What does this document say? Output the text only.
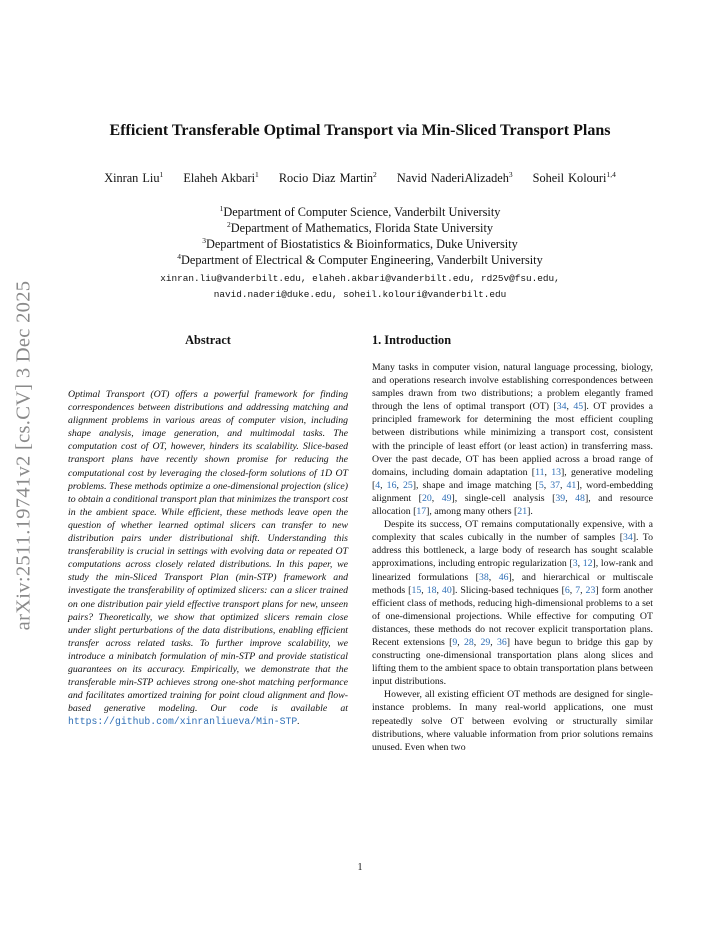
arXiv:2511.19741v2 [cs.CV] 3 Dec 2025
Efficient Transferable Optimal Transport via Min-Sliced Transport Plans
Xinran Liu$^1$ Elaheh Akbari$^1$ Rocio Diaz Martin$^2$ Navid NaderiAlizadeh$^3$ Soheil Kolouri$^{1,4}$
$^1$Department of Computer Science, Vanderbilt University
$^2$Department of Mathematics, Florida State University
$^3$Department of Biostatistics & Bioinformatics, Duke University
$^4$Department of Electrical & Computer Engineering, Vanderbilt University
xinran.liu@vanderbilt.edu, elaheh.akbari@vanderbilt.edu, rd25v@fsu.edu,
navid.naderi@duke.edu, soheil.kolouri@vanderbilt.edu
Abstract
Optimal Transport (OT) offers a powerful framework for finding correspondences between distributions and addressing matching and alignment problems in various areas of computer vision, including shape analysis, image generation, and multimodal tasks. The computation cost of OT, however, hinders its scalability. Slice-based transport plans have recently shown promise for reducing the computational cost by leveraging the closed-form solutions of 1D OT problems. These methods optimize a one-dimensional projection (slice) to obtain a conditional transport plan that minimizes the transport cost in the ambient space. While efficient, these methods leave open the question of whether learned optimal slicers can transfer to new distribution pairs under distributional shift. Understanding this transferability is crucial in settings with evolving data or repeated OT computations across closely related distributions. In this paper, we study the min-Sliced Transport Plan (min-STP) framework and investigate the transferability of optimized slicers: can a slicer trained on one distribution pair yield effective transport plans for new, unseen pairs? Theoretically, we show that optimized slicers remain close under slight perturbations of the data distributions, enabling efficient transfer across related tasks. To further improve scalability, we introduce a minibatch formulation of min-STP and provide statistical guarantees on its accuracy. Empirically, we demonstrate that the transferable min-STP achieves strong one-shot matching performance and facilitates amortized training for point cloud alignment and flow-based generative modeling. Our code is available at https://github.com/xinranliueva/Min-STP.
1. Introduction

Many tasks in computer vision, natural language processing, biology, and operations research involve establishing correspondences between samples drawn from two distributions; a problem elegantly framed through the lens of optimal transport (OT) [34, 45]. OT provides a principled framework for determining the most efficient coupling between distributions while minimizing a transport cost, consistent with the principle of least effort (or least action) in transferring mass. Over the past decade, OT has been applied across a broad range of domains, including domain adaptation [11, 13], generative modeling [4, 16, 25], shape and image matching [5, 37, 41], word-embedding alignment [20, 49], single-cell analysis [39, 48], and resource allocation [17], among many others [21].

Despite its success, OT remains computationally expensive, with a complexity that scales cubically in the number of samples [34]. To address this bottleneck, a large body of research has sought scalable approximations, including entropic regularization [3, 12], low-rank and linearized formulations [38, 46], and hierarchical or multiscale methods [15, 18, 40]. Slicing-based techniques [6, 7, 23] form another efficient class of methods, reducing high-dimensional problems to a set of one-dimensional projections. While effective for computing OT distances, these methods do not recover explicit transportation plans. Recent extensions [9, 28, 29, 36] have begun to bridge this gap by constructing one-dimensional transportation plans along slices and lifting them to the ambient space to obtain transportation plans between input distributions.

However, all existing efficient OT methods are designed for single-instance problems. In many real-world applications, one must repeatedly solve OT between evolving or structurally similar distributions, where valuable information from prior solutions remains unused. Even when two

1
